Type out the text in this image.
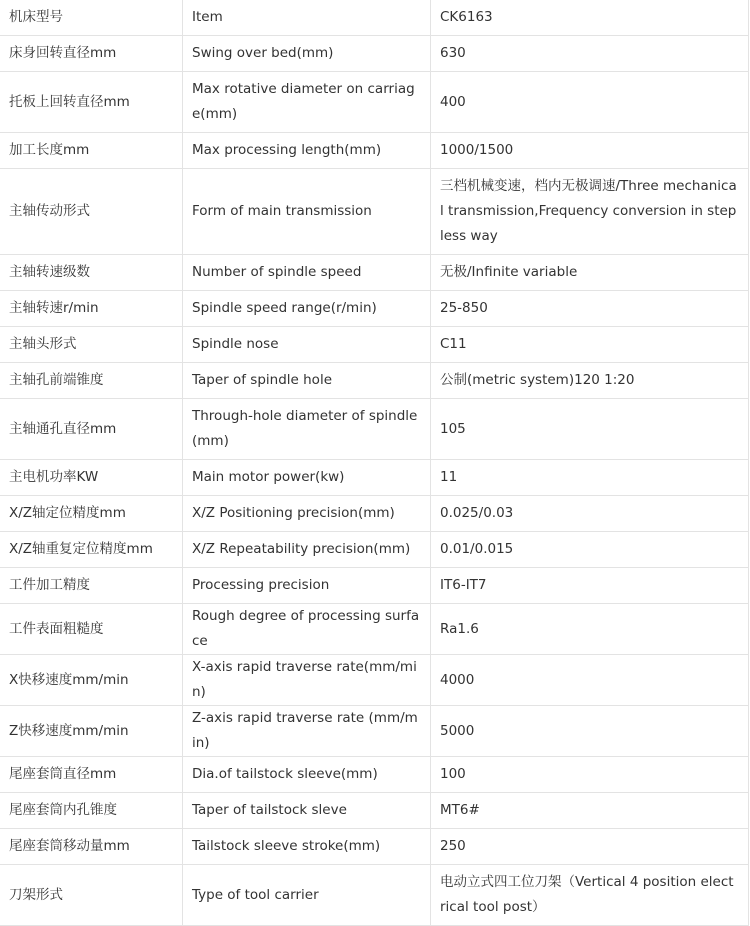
机床型号	Item	CK6163
床身回转直径mm	Swing over bed(mm)	630
托板上回转直径mm	Max rotative diameter on carriage(mm)	400
加工长度mm	Max processing length(mm)	1000/1500
主轴传动形式	Form of main transmission	三档机械变速，档内无极调速/Three mechanical transmission,Frequency conversion in stepless way
主轴转速级数	Number of spindle speed	无极/Infinite variable
主轴转速r/min	Spindle speed range(r/min)	25-850
主轴头形式	Spindle nose	C11
主轴孔前端锥度	Taper of spindle hole	公制(metric system)120 1:20
主轴通孔直径mm	Through-hole diameter of spindle(mm)	105
主电机功率KW	Main motor power(kw)	11
X/Z轴定位精度mm	X/Z Positioning precision(mm)	0.025/0.03
X/Z轴重复定位精度mm	X/Z Repeatability precision(mm)	0.01/0.015
工件加工精度	Processing precision	IT6-IT7
工件表面粗糙度	Rough degree of processing surface	Ra1.6
X快移速度mm/min	X-axis rapid traverse rate(mm/min)	4000
Z快移速度mm/min	Z-axis rapid traverse rate (mm/min)	5000
尾座套筒直径mm	Dia.of tailstock sleeve(mm)	100
尾座套筒内孔锥度	Taper of tailstock sleve	MT6#
尾座套筒移动量mm	Tailstock sleeve stroke(mm)	250
刀架形式	Type of tool carrier	电动立式四工位刀架（Vertical 4 position electrical tool post）
